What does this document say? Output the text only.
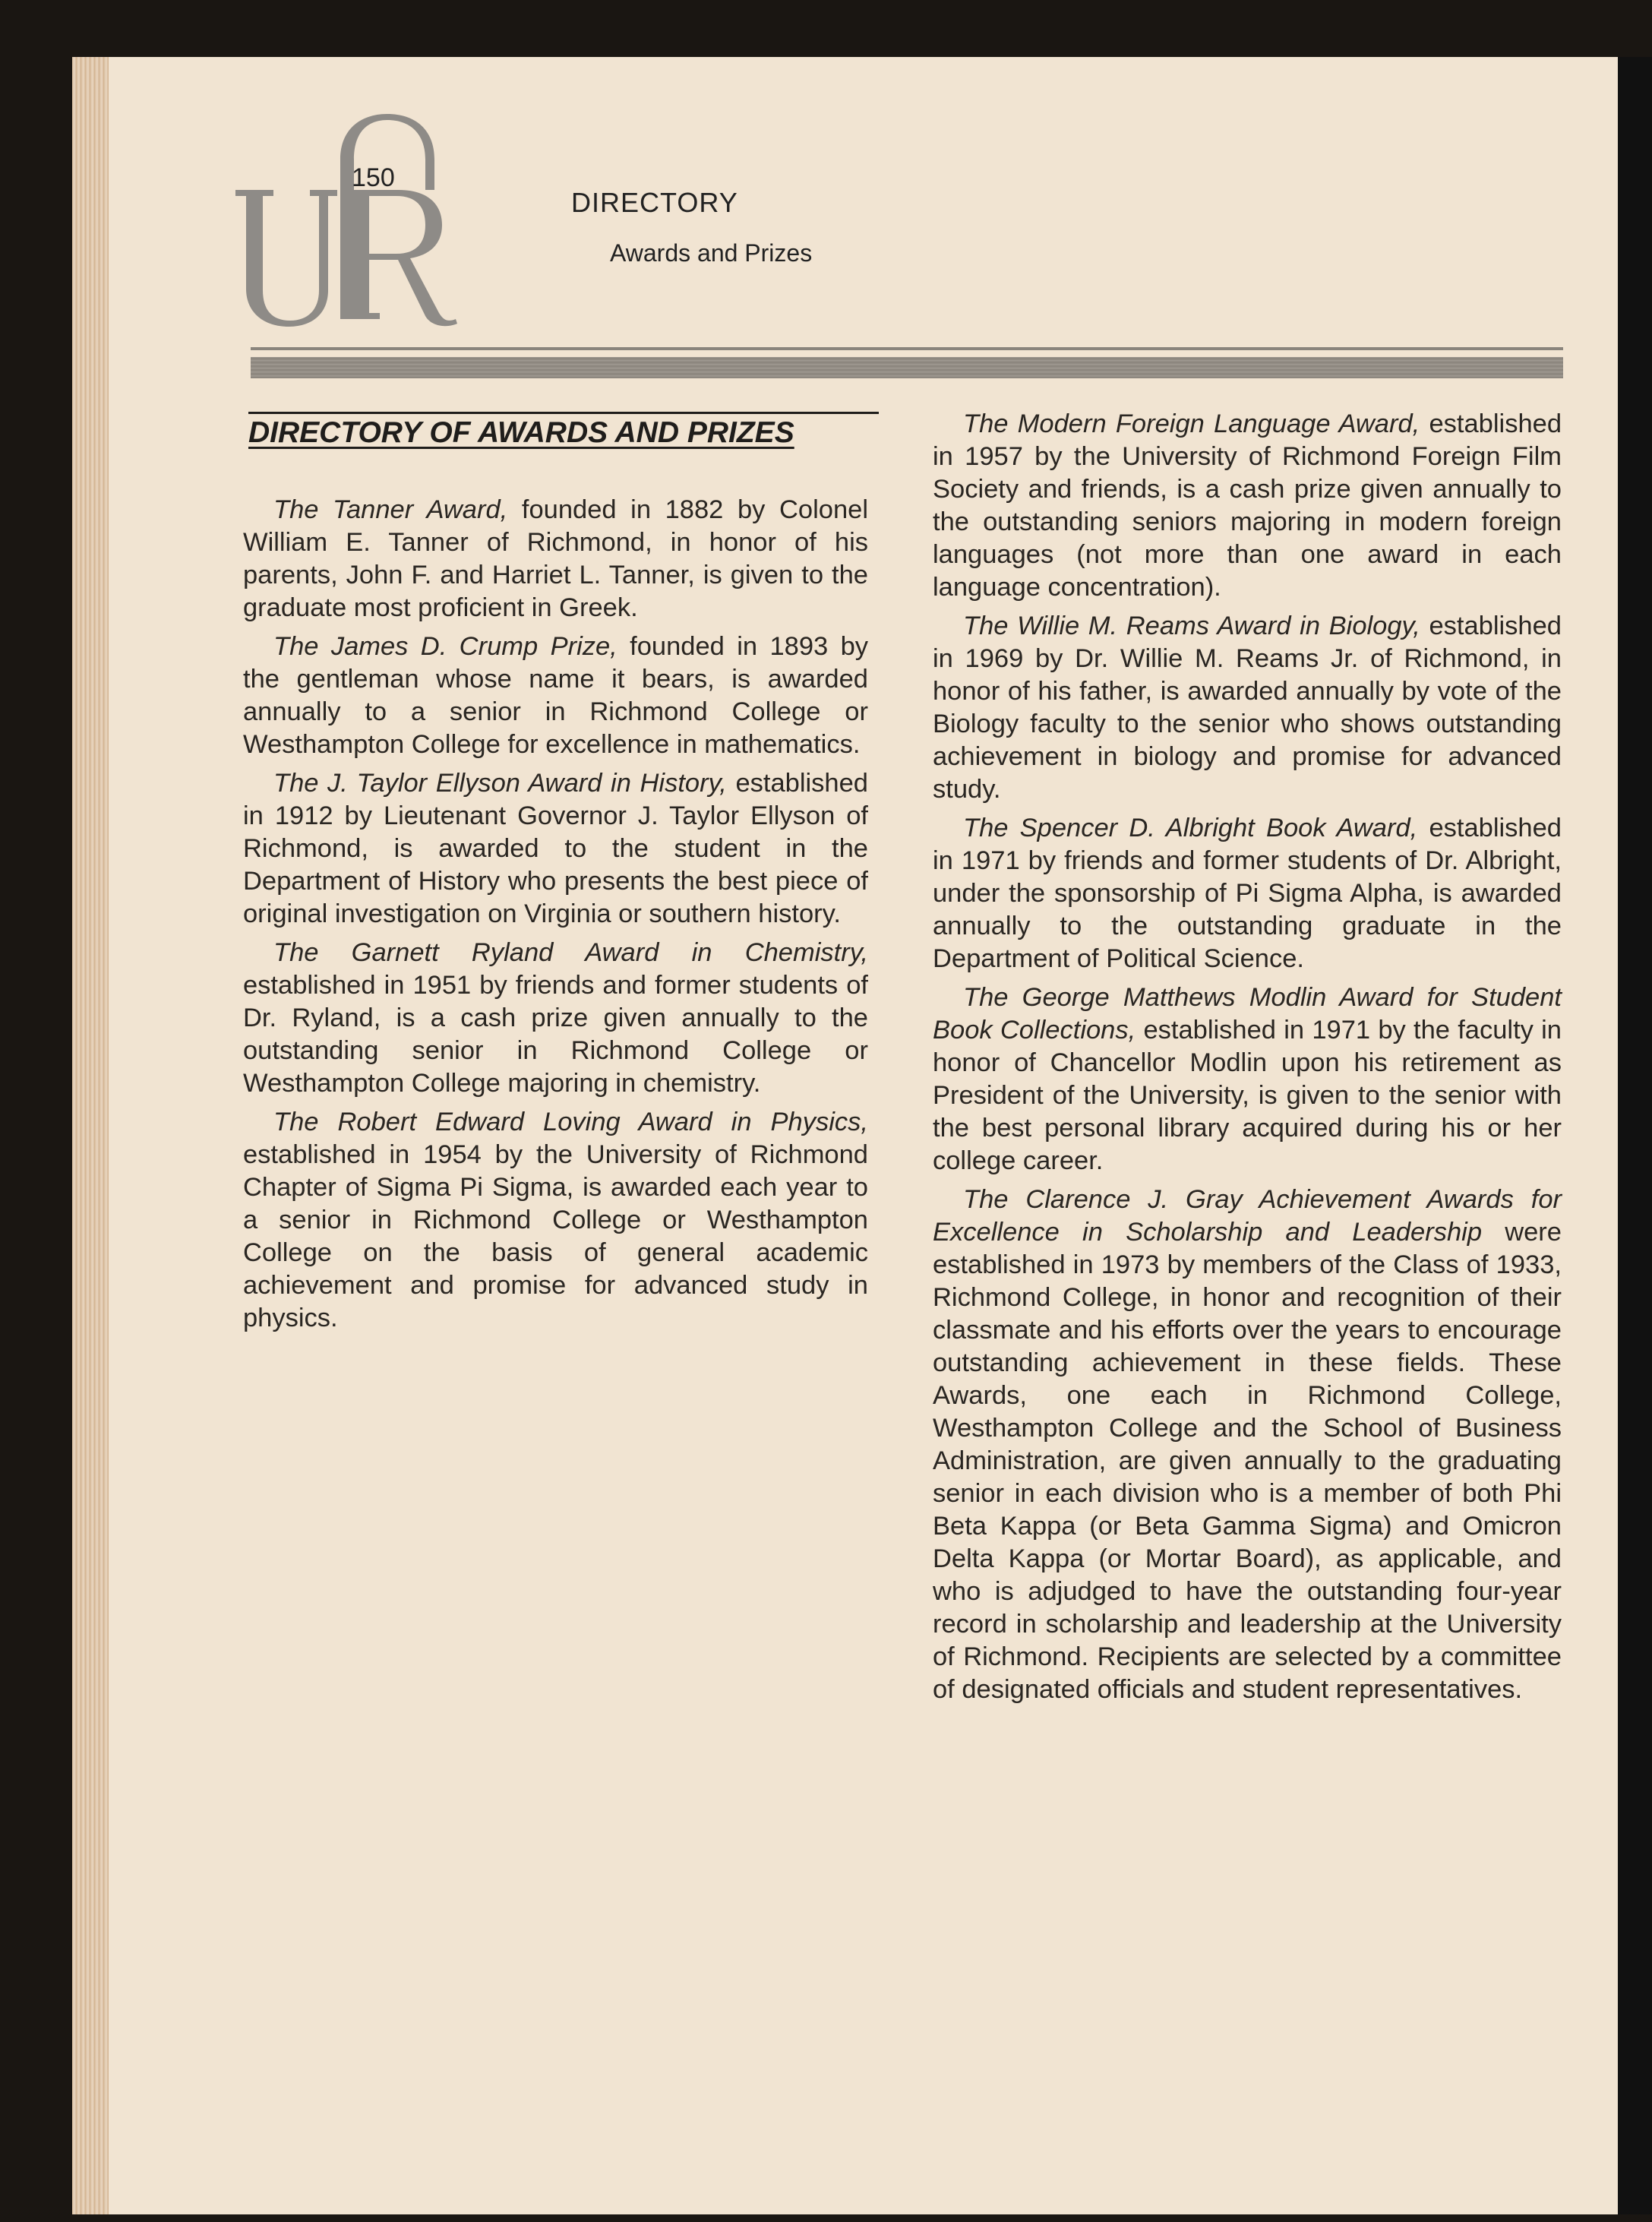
150
DIRECTORY
Awards and Prizes
DIRECTORY OF AWARDS AND PRIZES

The Tanner Award, founded in 1882 by Colonel William E. Tanner of Richmond, in honor of his parents, John F. and Harriet L. Tanner, is given to the graduate most proficient in Greek.

The James D. Crump Prize, founded in 1893 by the gentleman whose name it bears, is awarded annually to a senior in Richmond College or Westhampton College for excellence in mathematics.

The J. Taylor Ellyson Award in History, established in 1912 by Lieutenant Governor J. Taylor Ellyson of Richmond, is awarded to the student in the Department of History who presents the best piece of original investigation on Virginia or southern history.

The Garnett Ryland Award in Chemistry, established in 1951 by friends and former students of Dr. Ryland, is a cash prize given annually to the outstanding senior in Richmond College or Westhampton College majoring in chemistry.

The Robert Edward Loving Award in Physics, established in 1954 by the University of Richmond Chapter of Sigma Pi Sigma, is awarded each year to a senior in Richmond College or Westhampton College on the basis of general academic achievement and promise for advanced study in physics.

The Modern Foreign Language Award, established in 1957 by the University of Richmond Foreign Film Society and friends, is a cash prize given annually to the outstanding seniors majoring in modern foreign languages (not more than one award in each language concentration).

The Willie M. Reams Award in Biology, established in 1969 by Dr. Willie M. Reams Jr. of Richmond, in honor of his father, is awarded annually by vote of the Biology faculty to the senior who shows outstanding achievement in biology and promise for advanced study.

The Spencer D. Albright Book Award, established in 1971 by friends and former students of Dr. Albright, under the sponsorship of Pi Sigma Alpha, is awarded annually to the outstanding graduate in the Department of Political Science.

The George Matthews Modlin Award for Student Book Collections, established in 1971 by the faculty in honor of Chancellor Modlin upon his retirement as President of the University, is given to the senior with the best personal library acquired during his or her college career.

The Clarence J. Gray Achievement Awards for Excellence in Scholarship and Leadership were established in 1973 by members of the Class of 1933, Richmond College, in honor and recognition of their classmate and his efforts over the years to encourage outstanding achievement in these fields. These Awards, one each in Richmond College, Westhampton College and the School of Business Administration, are given annually to the graduating senior in each division who is a member of both Phi Beta Kappa (or Beta Gamma Sigma) and Omicron Delta Kappa (or Mortar Board), as applicable, and who is adjudged to have the outstanding four-year record in scholarship and leadership at the University of Richmond. Recipients are selected by a committee of designated officials and student representatives.
